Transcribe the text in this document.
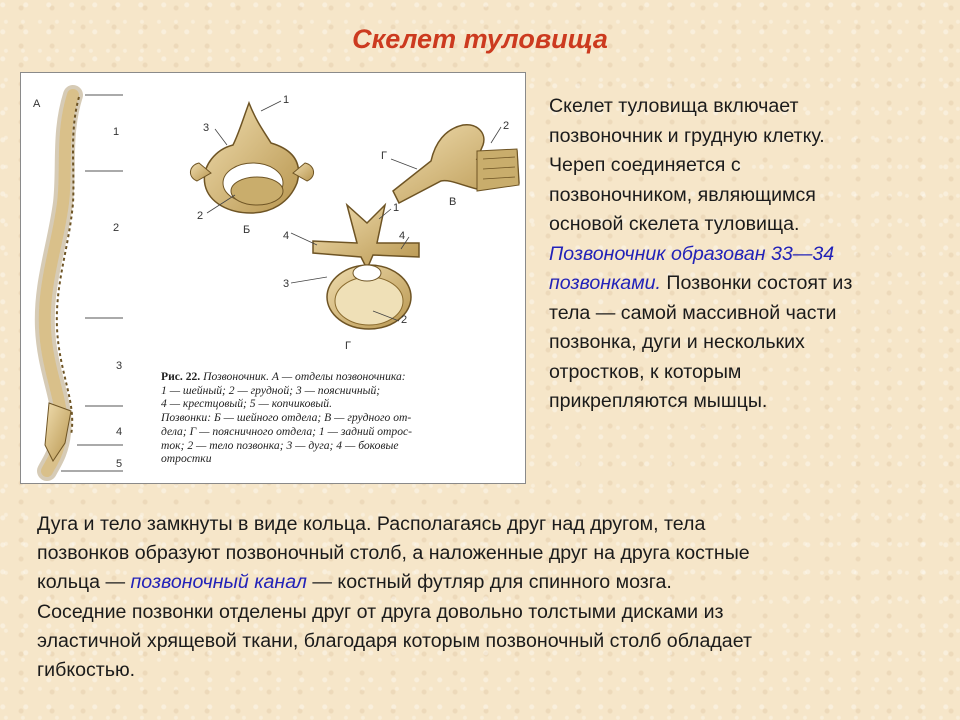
Скелет туловища
А
1
2
3
4
5
1
3
2
Б
2
Г
В
1
4	4
3
2
Г
Рис. 22. Позвоночник. А — отделы позвоночника:
1 — шейный; 2 — грудной; 3 — поясничный;
4 — крестцовый; 5 — копчиковый.
Позвонки: Б — шейного отдела; В — грудного от-
дела; Г — поясничного отдела; 1 — задний отрос-
ток; 2 — тело позвонка; 3 — дуга; 4 — боковые
отростки
Скелет туловища включает
позвоночник и грудную клетку.
Череп соединяется с
позвоночником, являющимся
основой скелета туловища.
Позвоночник образован 33—34
позвонками. Позвонки состоят из
тела — самой массивной части
позвонка, дуги и нескольких
отростков, к которым
прикрепляются мышцы.
Дуга и тело замкнуты в виде кольца. Располагаясь друг над другом, тела
позвонков образуют позвоночный столб, а наложенные друг на друга костные
кольца — позвоночный канал — костный футляр для спинного мозга.
Соседние позвонки отделены друг от друга довольно толстыми дисками из
эластичной хрящевой ткани, благодаря которым позвоночный столб обладает
гибкостью.
